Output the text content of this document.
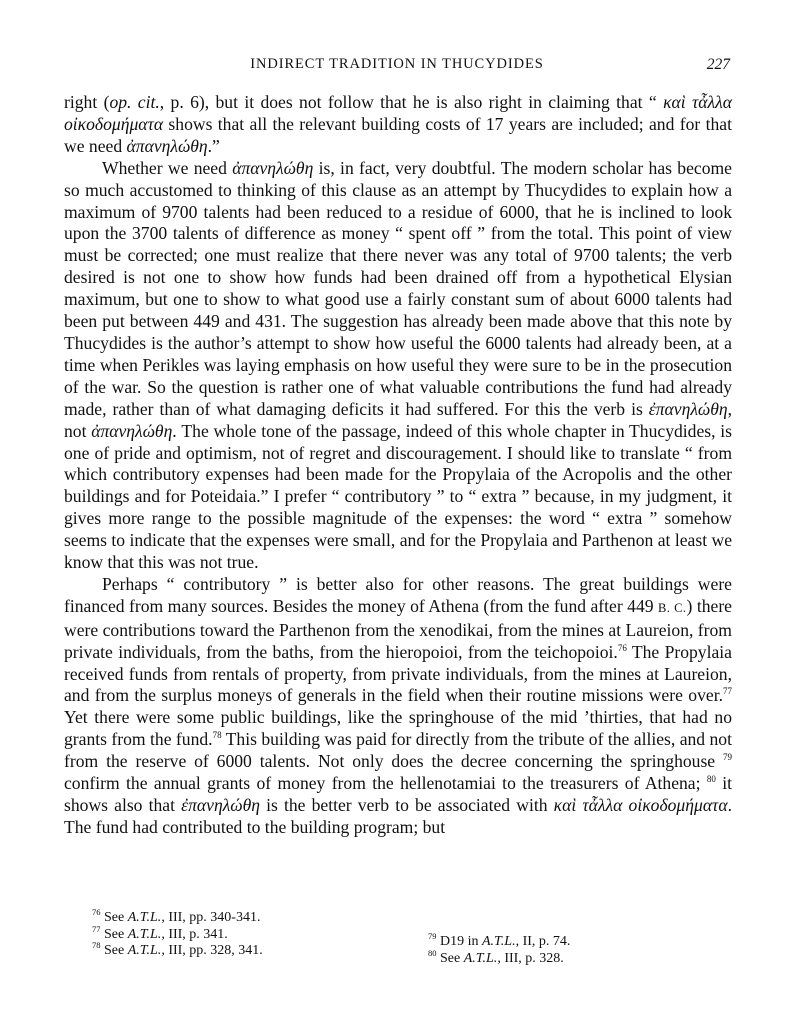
INDIRECT TRADITION IN THUCYDIDES	227

right (op. cit., p. 6), but it does not follow that he is also right in claiming that “ καὶ τἆλλα οἰκοδομήματα shows that all the relevant building costs of 17 years are included; and for that we need ἀπανηλώθη.”

Whether we need ἀπανηλώθη is, in fact, very doubtful. The modern scholar has become so much accustomed to thinking of this clause as an attempt by Thucydides to explain how a maximum of 9700 talents had been reduced to a residue of 6000, that he is inclined to look upon the 3700 talents of difference as money “ spent off ” from the total. This point of view must be corrected; one must realize that there never was any total of 9700 talents; the verb desired is not one to show how funds had been drained off from a hypothetical Elysian maximum, but one to show to what good use a fairly constant sum of about 6000 talents had been put between 449 and 431. The suggestion has already been made above that this note by Thucydides is the author’s attempt to show how useful the 6000 talents had already been, at a time when Perikles was laying emphasis on how useful they were sure to be in the prosecution of the war. So the question is rather one of what valuable contributions the fund had already made, rather than of what damaging deficits it had suffered. For this the verb is ἐπανηλώθη, not ἀπανηλώθη. The whole tone of the passage, indeed of this whole chapter in Thucydides, is one of pride and optimism, not of regret and discouragement. I should like to translate “ from which contributory expenses had been made for the Propylaia of the Acropolis and the other buildings and for Poteidaia.” I prefer “ contributory ” to “ extra ” because, in my judgment, it gives more range to the possible magnitude of the expenses: the word “ extra ” somehow seems to indicate that the expenses were small, and for the Propylaia and Parthenon at least we know that this was not true.

Perhaps “ contributory ” is better also for other reasons. The great buildings were financed from many sources. Besides the money of Athena (from the fund after 449 B. C.) there were contributions toward the Parthenon from the xenodikai, from the mines at Laureion, from private individuals, from the baths, from the hieropoioi, from the teichopoioi.$^{76}$ The Propylaia received funds from rentals of property, from private individuals, from the mines at Laureion, and from the surplus moneys of generals in the field when their routine missions were over.$^{77}$ Yet there were some public buildings, like the springhouse of the mid ’thirties, that had no grants from the fund.$^{78}$ This building was paid for directly from the tribute of the allies, and not from the reserve of 6000 talents. Not only does the decree concerning the springhouse $^{79}$ confirm the annual grants of money from the hellenotamiai to the treasurers of Athena; $^{80}$ it shows also that ἐπανηλώθη is the better verb to be associated with καὶ τἆλλα οἰκοδομήματα. The fund had contributed to the building program; but

$^{76}$ See A.T.L., III, pp. 340-341.

$^{77}$ See A.T.L., III, p. 341.

$^{78}$ See A.T.L., III, pp. 328, 341.

$^{79}$ D19 in A.T.L., II, p. 74.

$^{80}$ See A.T.L., III, p. 328.
